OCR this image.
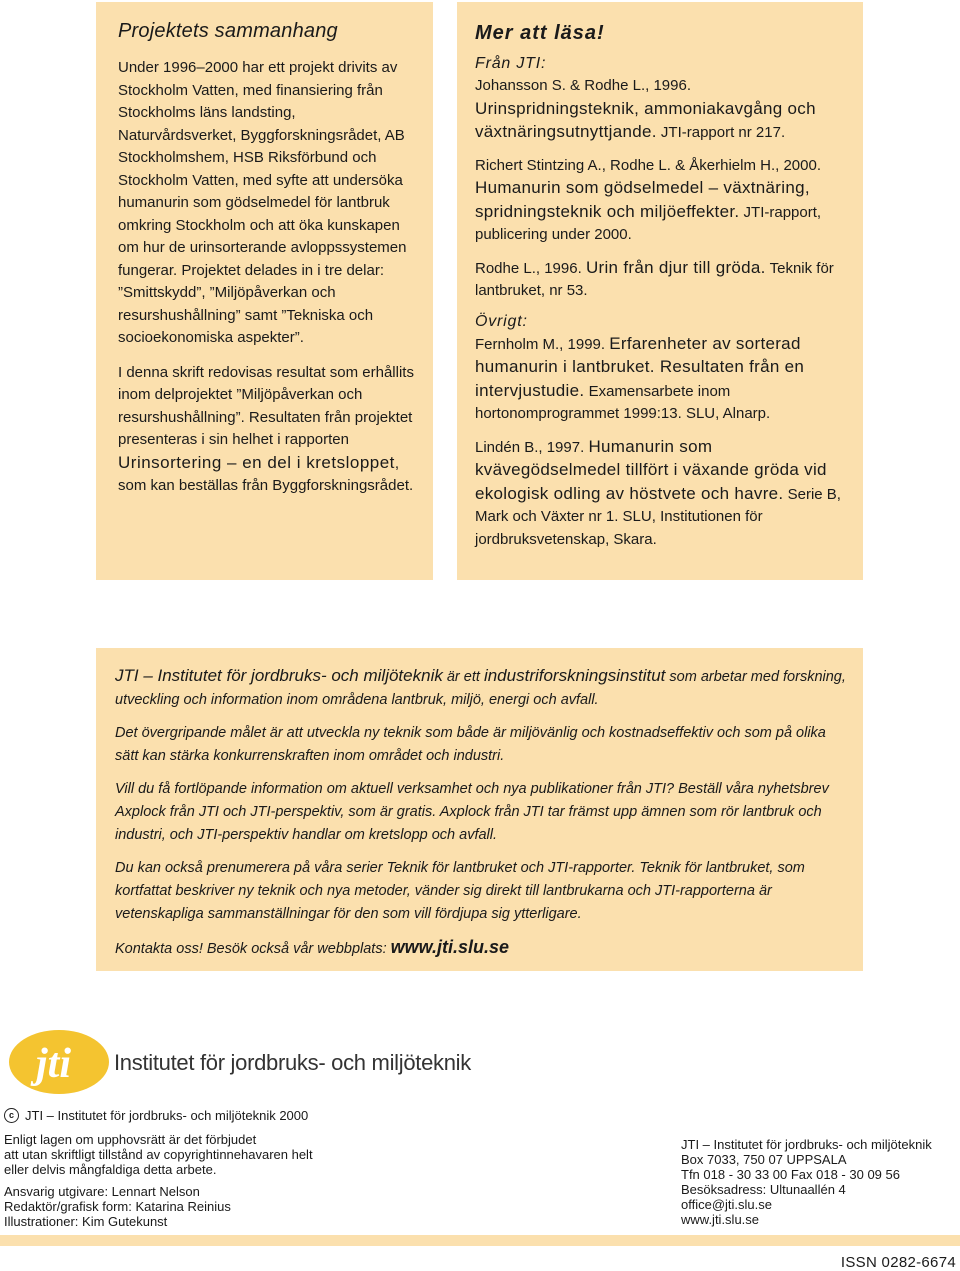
Projektets sammanhang

Under 1996–2000 har ett projekt drivits av Stockholm Vatten, med finansiering från Stockholms läns landsting, Naturvårdsverket, Byggforskningsrådet, AB Stockholmshem, HSB Riksförbund och Stockholm Vatten, med syfte att undersöka humanurin som gödselmedel för lantbruk omkring Stockholm och att öka kunskapen om hur de urinsorterande avloppssystemen fungerar. Projektet delades in i tre delar: ”Smittskydd”, ”Miljöpåverkan och resurshushållning” samt ”Tekniska och socioekonomiska aspekter”.

I denna skrift redovisas resultat som erhållits inom delprojektet ”Miljöpåverkan och resurshushållning”. Resultaten från projektet presenteras i sin helhet i rapporten Urinsortering – en del i kretsloppet, som kan beställas från Byggforskningsrådet.

Mer att läsa!

Från JTI:

Johansson S. & Rodhe L., 1996. Urinspridningsteknik, ammoniakavgång och växtnäringsutnyttjande. JTI-rapport nr 217.

Richert Stintzing A., Rodhe L. & Åkerhielm H., 2000. Humanurin som gödselmedel – växtnäring, spridningsteknik och miljöeffekter. JTI-rapport, publicering under 2000.

Rodhe L., 1996. Urin från djur till gröda. Teknik för lantbruket, nr 53.

Övrigt:

Fernholm M., 1999. Erfarenheter av sorterad humanurin i lantbruket. Resultaten från en intervjustudie. Examensarbete inom hortonomprogrammet 1999:13. SLU, Alnarp.

Lindén B., 1997. Humanurin som kvävegödselmedel tillfört i växande gröda vid ekologisk odling av höstvete och havre. Serie B, Mark och Växter nr 1. SLU, Institutionen för jordbruksvetenskap, Skara.

JTI – Institutet för jordbruks- och miljöteknik är ett industriforskningsinstitut som arbetar med forskning, utveckling och information inom områdena lantbruk, miljö, energi och avfall.

Det övergripande målet är att utveckla ny teknik som både är miljövänlig och kostnadseffektiv och som på olika sätt kan stärka konkurrenskraften inom området och industri.

Vill du få fortlöpande information om aktuell verksamhet och nya publikationer från JTI? Beställ våra nyhetsbrev Axplock från JTI och JTI-perspektiv, som är gratis. Axplock från JTI tar främst upp ämnen som rör lantbruk och industri, och JTI-perspektiv handlar om kretslopp och avfall.

Du kan också prenumerera på våra serier Teknik för lantbruket och JTI-rapporter. Teknik för lantbruket, som kortfattat beskriver ny teknik och nya metoder, vänder sig direkt till lantbrukarna och JTI-rapporterna är vetenskapliga sammanställningar för den som vill fördjupa sig ytterligare.

Kontakta oss! Besök också vår webbplats: www.jti.slu.se

jti Institutet för jordbruks- och miljöteknik

c JTI – Institutet för jordbruks- och miljöteknik 2000

Enligt lagen om upphovsrätt är det förbjudet
att utan skriftligt tillstånd av copyrightinnehavaren helt
eller delvis mångfaldiga detta arbete.

Ansvarig utgivare: Lennart Nelson
Redaktör/grafisk form: Katarina Reinius
Illustrationer: Kim Gutekunst

JTI – Institutet för jordbruks- och miljöteknik
Box 7033, 750 07 UPPSALA
Tfn 018 - 30 33 00 Fax 018 - 30 09 56
Besöksadress: Ultunaallén 4
office@jti.slu.se
www.jti.slu.se

ISSN 0282-6674
